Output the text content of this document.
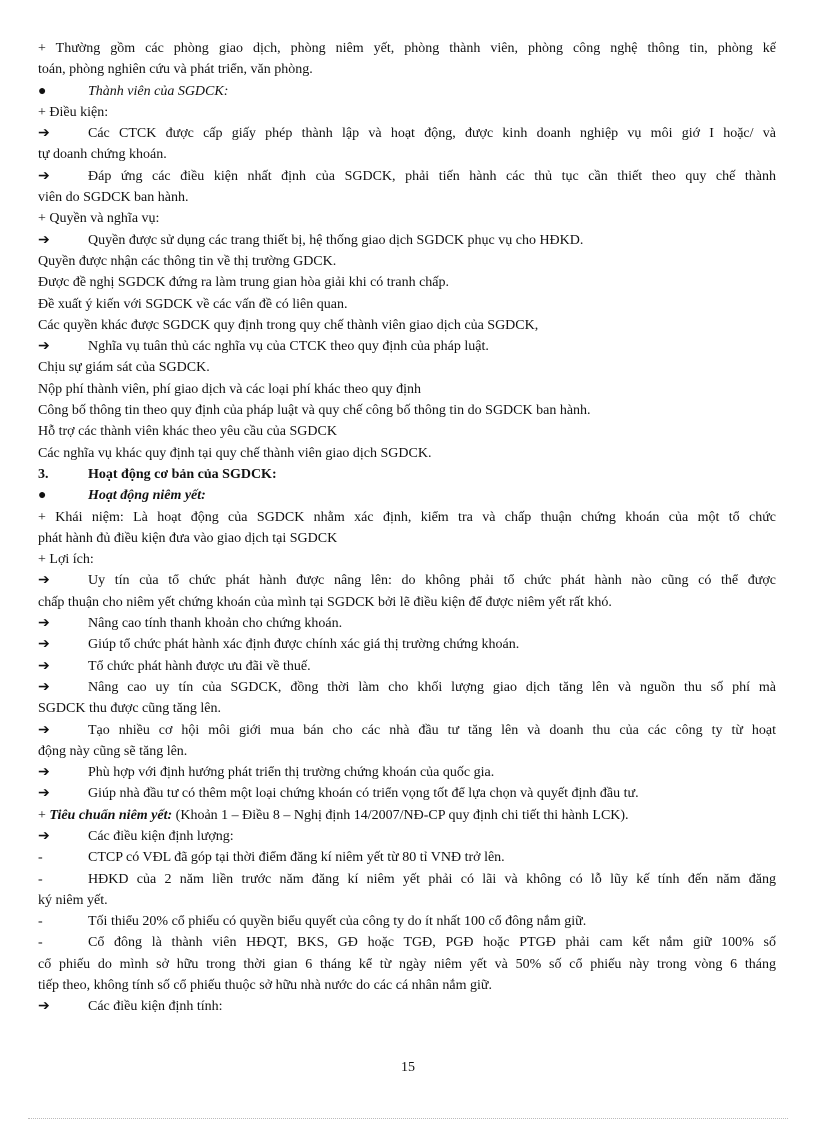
+ Thường gồm các phòng giao dịch, phòng niêm yết, phòng thành viên, phòng công nghệ thông tin, phòng kế
toán, phòng nghiên cứu và phát triển, văn phòng.
●	Thành viên của SGDCK:
+ Điều kiện:
➔	Các CTCK được cấp giấy phép thành lập và hoạt động, được kinh doanh nghiệp vụ môi giớ I hoặc/ và
tự doanh chứng khoán.
➔	Đáp ứng các điều kiện nhất định của SGDCK, phải tiến hành các thủ tục cần thiết theo quy chế thành
viên do SGDCK ban hành.
+ Quyền và nghĩa vụ:
➔	Quyền được sử dụng các trang thiết bị, hệ thống giao dịch SGDCK phục vụ cho HĐKD.
Quyền được nhận các thông tin về thị trường GDCK.
Được đề nghị SGDCK đứng ra làm trung gian hòa giải khi có tranh chấp.
Đề xuất ý kiến với SGDCK về các vấn đề có liên quan.
Các quyền khác được SGDCK quy định trong quy chế thành viên giao dịch của SGDCK,
➔	Nghĩa vụ tuân thủ các nghĩa vụ của CTCK theo quy định của pháp luật.
Chịu sự giám sát của SGDCK.
Nộp phí thành viên, phí giao dịch và các loại phí khác theo quy định
Công bố thông tin theo quy định của pháp luật và quy chế công bố thông tin do SGDCK ban hành.
Hỗ trợ các thành viên khác theo yêu cầu của SGDCK
Các nghĩa vụ khác quy định tại quy chế thành viên giao dịch SGDCK.
3.	Hoạt động cơ bản của SGDCK:
●	Hoạt động niêm yết:
+ Khái niệm: Là hoạt động của SGDCK nhằm xác định, kiểm tra và chấp thuận chứng khoán của một tổ chức
phát hành đủ điều kiện đưa vào giao dịch tại SGDCK
+ Lợi ích:
➔	Uy tín của tổ chức phát hành được nâng lên: do không phải tổ chức phát hành nào cũng có thể được
chấp thuận cho niêm yết chứng khoán của mình tại SGDCK bởi lẽ điều kiện để được niêm yết rất khó.
➔	Nâng cao tính thanh khoản cho chứng khoán.
➔	Giúp tổ chức phát hành xác định được chính xác giá thị trường chứng khoán.
➔	Tổ chức phát hành được ưu đãi về thuế.
➔	Nâng cao uy tín của SGDCK, đồng thời làm cho khối lượng giao dịch tăng lên và nguồn thu số phí mà
SGDCK thu được cũng tăng lên.
➔	Tạo nhiều cơ hội môi giới mua bán cho các nhà đầu tư tăng lên và doanh thu của các công ty từ hoạt
động này cũng sẽ tăng lên.
➔	Phù hợp với định hướng phát triển thị trường chứng khoán của quốc gia.
➔	Giúp nhà đầu tư có thêm một loại chứng khoán có triển vọng tốt để lựa chọn và quyết định đầu tư.
+ Tiêu chuẩn niêm yết: (Khoản 1 – Điều 8 – Nghị định 14/2007/NĐ-CP quy định chi tiết thi hành LCK).
➔	Các điều kiện định lượng:
-	CTCP có VĐL đã góp tại thời điểm đăng kí niêm yết từ 80 tỉ VNĐ trở lên.
-	HĐKD của 2 năm liền trước năm đăng kí niêm yết phải có lãi và không có lỗ lũy kế tính đến năm đăng
ký niêm yết.
-	Tối thiểu 20% cổ phiếu có quyền biểu quyết của công ty do ít nhất 100 cổ đông nắm giữ.
-	Cổ đông là thành viên HĐQT, BKS, GĐ hoặc TGĐ, PGĐ hoặc PTGĐ phải cam kết nắm giữ 100% số
cổ phiếu do mình sở hữu trong thời gian 6 tháng kể từ ngày niêm yết và 50% số cổ phiếu này trong vòng 6 tháng
tiếp theo, không tính số cổ phiếu thuộc sở hữu nhà nước do các cá nhân nắm giữ.
➔	Các điều kiện định tính:
15
